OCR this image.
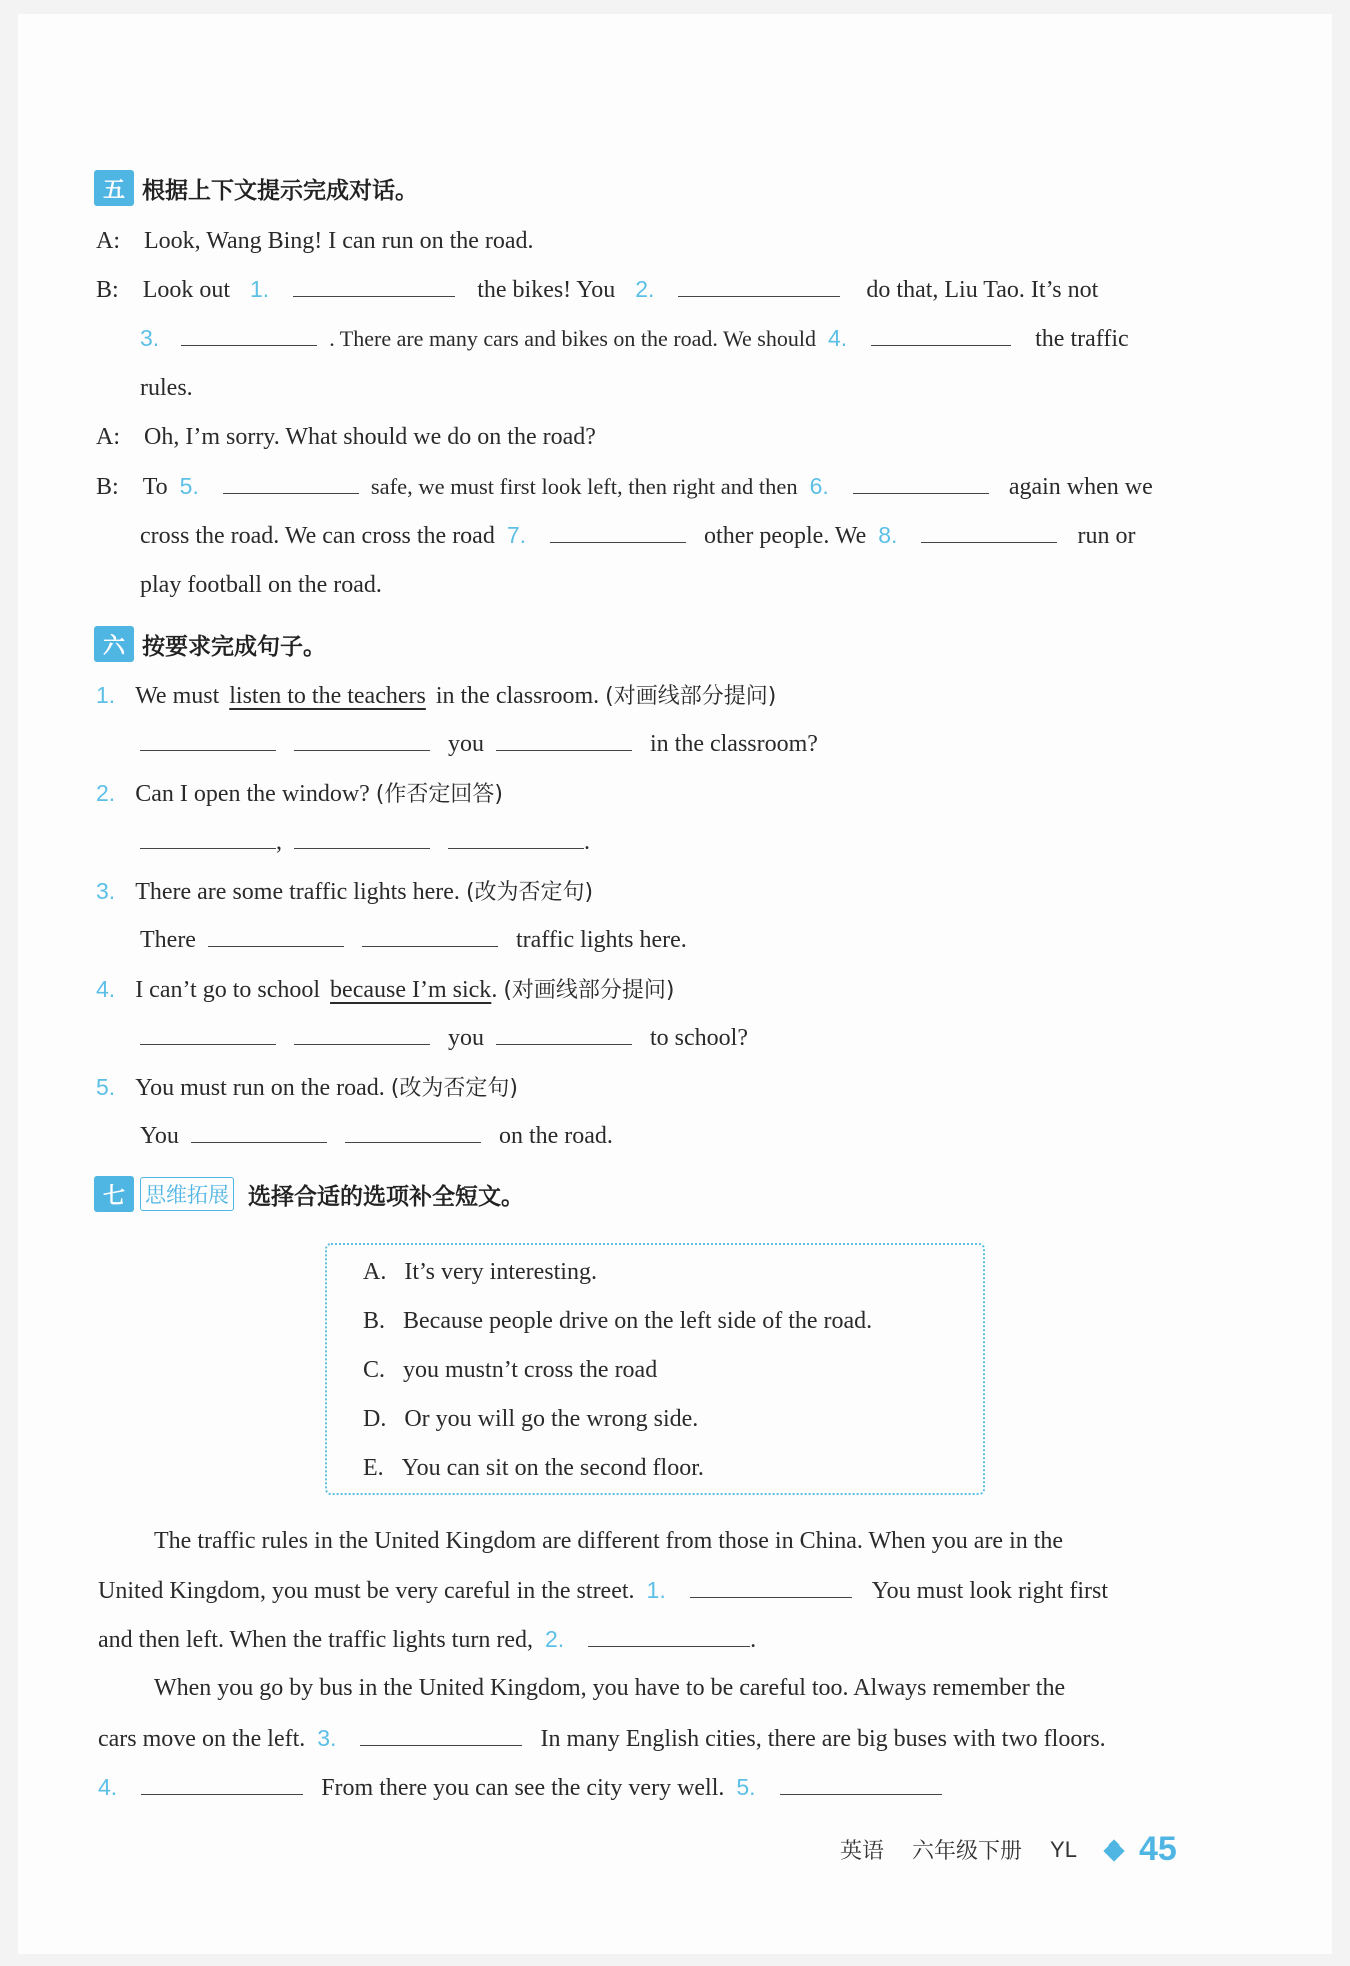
五 根据上下文提示完成对话。
A: Look, Wang Bing! I can run on the road.
B: Look out 1.	the bikes! You 2.	do that, Liu Tao. It’s not
3.	. There are many cars and bikes on the road. We should 4.	the traffic
rules.
A: Oh, I’m sorry. What should we do on the road?
B: To 5.	safe, we must first look left, then right and then 6.	again when we
cross the road. We can cross the road 7.	other people. We 8.	run or
play football on the road.
六 按要求完成句子。
1. We must listen to the teachers in the classroom. (对画线部分提问)
you	in the classroom?
2. Can I open the window? (作否定回答)
,	.
3. There are some traffic lights here. (改为否定句)
There	traffic lights here.
4. I can’t go to school because I’m sick. (对画线部分提问)
you	to school?
5. You must run on the road. (改为否定句)
You	on the road.
七 思维拓展 选择合适的选项补全短文。
A. It’s very interesting.
B. Because people drive on the left side of the road.
C. you mustn’t cross the road
D. Or you will go the wrong side.
E. You can sit on the second floor.
The traffic rules in the United Kingdom are different from those in China. When you are in the
United Kingdom, you must be very careful in the street. 1.	You must look right first
and then left. When the traffic lights turn red, 2.	.
When you go by bus in the United Kingdom, you have to be careful too. Always remember the
cars move on the left. 3.	In many English cities, there are big buses with two floors.
4.	From there you can see the city very well. 5.
英语 六年级下册 YL 45
